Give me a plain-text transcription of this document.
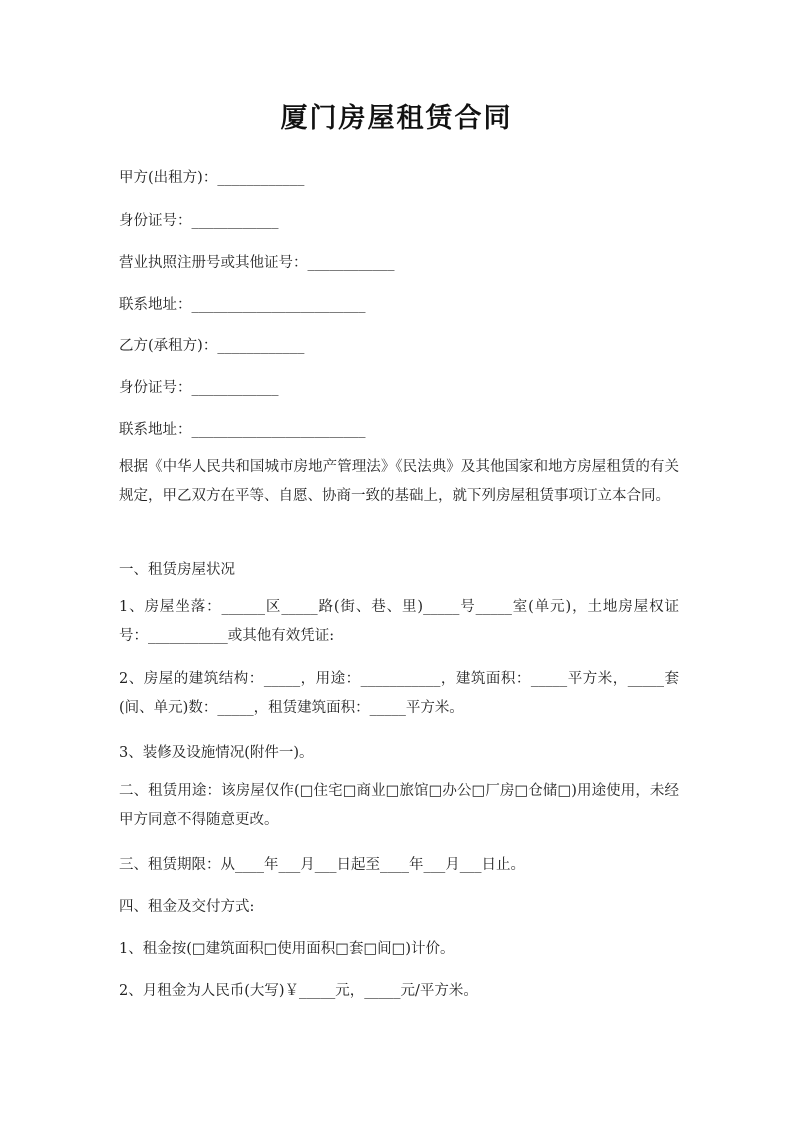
厦门房屋租赁合同
甲方(出租方)：____________
身份证号：____________
营业执照注册号或其他证号：____________
联系地址：________________________
乙方(承租方)：____________
身份证号：____________
联系地址：________________________
根据《中华人民共和国城市房地产管理法》《民法典》及其他国家和地方房屋租赁的有关规定，甲乙双方在平等、自愿、协商一致的基础上，就下列房屋租赁事项订立本合同。
一、租赁房屋状况
1、房屋坐落：______区_____路(街、巷、里)_____号_____室(单元)，土地房屋权证号：___________或其他有效凭证:
2、房屋的建筑结构：_____，用途：___________，建筑面积：_____平方米，_____套(间、单元)数：_____，租赁建筑面积：_____平方米。
3、装修及设施情况(附件一)。
二、租赁用途：该房屋仅作(□住宅□商业□旅馆□办公□厂房□仓储□)用途使用，未经甲方同意不得随意更改。
三、租赁期限：从____年___月___日起至____年___月___日止。
四、租金及交付方式:
1、租金按(□建筑面积□使用面积□套□间□)计价。
2、月租金为人民币(大写)￥_____元，_____元/平方米。
